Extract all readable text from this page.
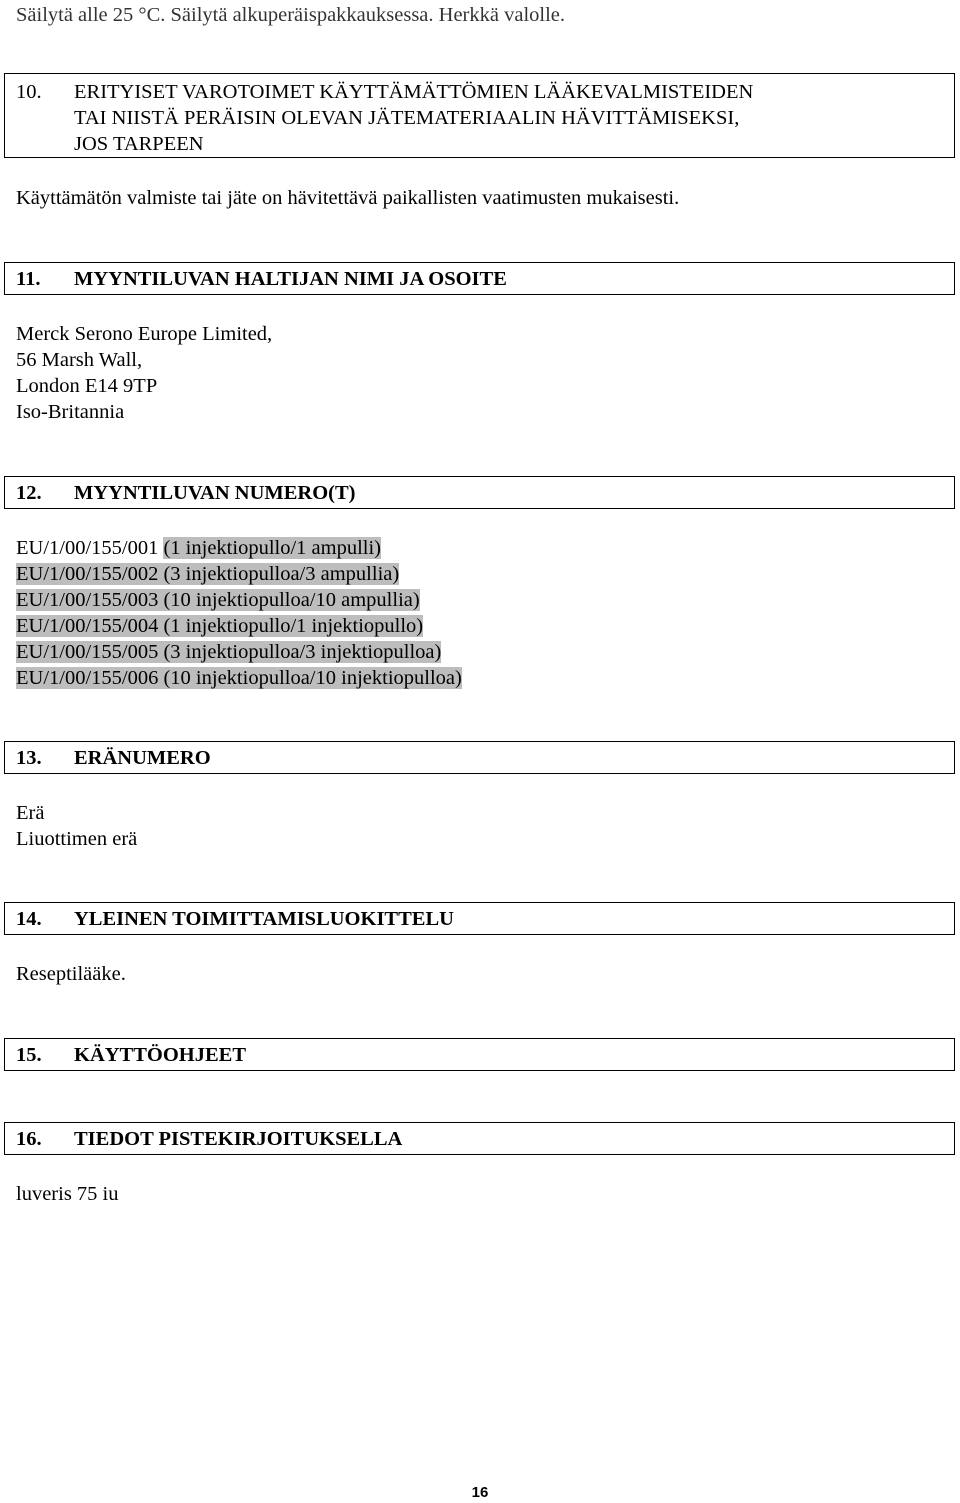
Säilytä alle 25 °C. Säilytä alkuperäispakkauksessa. Herkkä valolle.
10. ERITYISET VAROTOIMET KÄYTTÄMÄTTÖMIEN LÄÄKEVALMISTEIDEN
TAI NIISTÄ PERÄISIN OLEVAN JÄTEMATERIAALIN HÄVITTÄMISEKSI,
JOS TARPEEN
Käyttämätön valmiste tai jäte on hävitettävä paikallisten vaatimusten mukaisesti.
11. MYYNTILUVAN HALTIJAN NIMI JA OSOITE
Merck Serono Europe Limited,
56 Marsh Wall,
London E14 9TP
Iso-Britannia
12. MYYNTILUVAN NUMERO(T)
EU/1/00/155/001 (1 injektiopullo/1 ampulli)
EU/1/00/155/002 (3 injektiopulloa/3 ampullia)
EU/1/00/155/003 (10 injektiopulloa/10 ampullia)
EU/1/00/155/004 (1 injektiopullo/1 injektiopullo)
EU/1/00/155/005 (3 injektiopulloa/3 injektiopulloa)
EU/1/00/155/006 (10 injektiopulloa/10 injektiopulloa)
13. ERÄNUMERO
Erä
Liuottimen erä
14. YLEINEN TOIMITTAMISLUOKITTELU
Reseptilääke.
15. KÄYTTÖOHJEET
16. TIEDOT PISTEKIRJOITUKSELLA
luveris 75 iu
16
